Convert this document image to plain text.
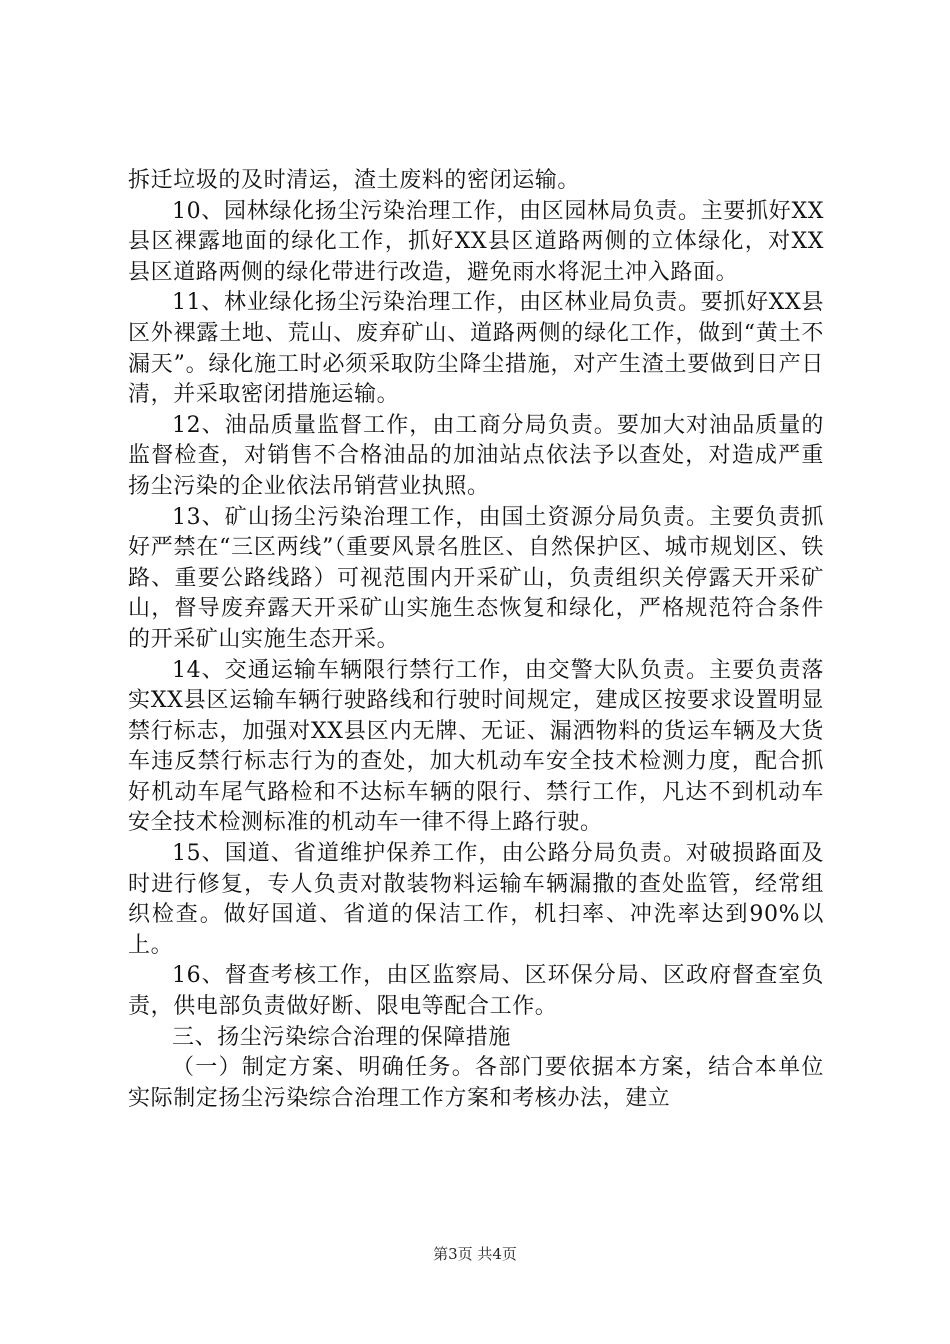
拆迁垃圾的及时清运，渣土废料的密闭运输。

10、园林绿化扬尘污染治理工作，由区园林局负责。主要抓好XX县区裸露地面的绿化工作，抓好XX县区道路两侧的立体绿化，对XX县区道路两侧的绿化带进行改造，避免雨水将泥土冲入路面。

11、林业绿化扬尘污染治理工作，由区林业局负责。要抓好XX县区外裸露土地、荒山、废弃矿山、道路两侧的绿化工作，做到“黄土不漏天”。绿化施工时必须采取防尘降尘措施，对产生渣土要做到日产日清，并采取密闭措施运输。

12、油品质量监督工作，由工商分局负责。要加大对油品质量的监督检查，对销售不合格油品的加油站点依法予以查处，对造成严重扬尘污染的企业依法吊销营业执照。

13、矿山扬尘污染治理工作，由国土资源分局负责。主要负责抓好严禁在“三区两线”（重要风景名胜区、自然保护区、城市规划区、铁路、重要公路线路）可视范围内开采矿山，负责组织关停露天开采矿山，督导废弃露天开采矿山实施生态恢复和绿化，严格规范符合条件的开采矿山实施生态开采。

14、交通运输车辆限行禁行工作，由交警大队负责。主要负责落实XX县区运输车辆行驶路线和行驶时间规定，建成区按要求设置明显禁行标志，加强对XX县区内无牌、无证、漏洒物料的货运车辆及大货车违反禁行标志行为的查处，加大机动车安全技术检测力度，配合抓好机动车尾气路检和不达标车辆的限行、禁行工作，凡达不到机动车安全技术检测标准的机动车一律不得上路行驶。

15、国道、省道维护保养工作，由公路分局负责。对破损路面及时进行修复，专人负责对散装物料运输车辆漏撒的查处监管，经常组织检查。做好国道、省道的保洁工作，机扫率、冲洗率达到90%以上。

16、督查考核工作，由区监察局、区环保分局、区政府督查室负责，供电部负责做好断、限电等配合工作。

三、扬尘污染综合治理的保障措施

（一）制定方案、明确任务。各部门要依据本方案，结合本单位实际制定扬尘污染综合治理工作方案和考核办法，建立

第3页 共4页
